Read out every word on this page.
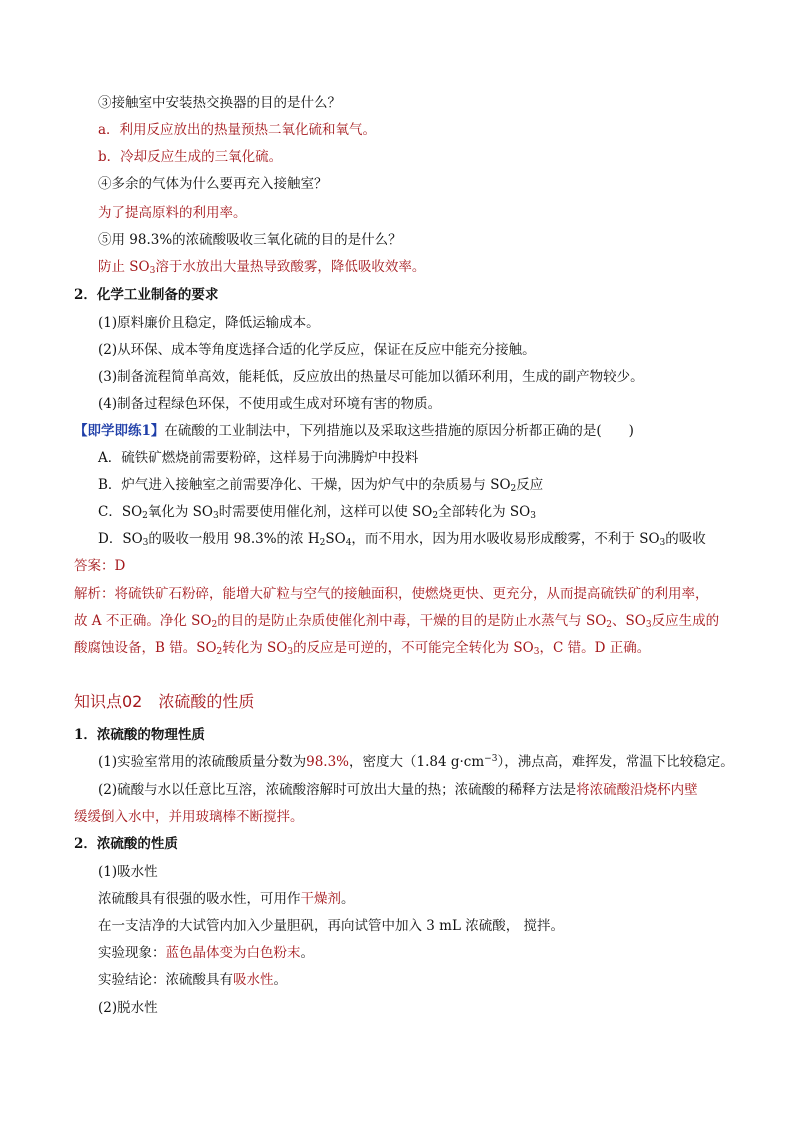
③接触室中安装热交换器的目的是什么？
a．利用反应放出的热量预热二氧化硫和氧气。
b．冷却反应生成的三氧化硫。
④多余的气体为什么要再充入接触室？
为了提高原料的利用率。
⑤用 98.3%的浓硫酸吸收三氧化硫的目的是什么？
防止 $SO_3$溶于水放出大量热导致酸雾，降低吸收效率。
2．化学工业制备的要求
(1)原料廉价且稳定，降低运输成本。
(2)从环保、成本等角度选择合适的化学反应，保证在反应中能充分接触。
(3)制备流程简单高效，能耗低，反应放出的热量尽可能加以循环利用，生成的副产物较少。
(4)制备过程绿色环保，不使用或生成对环境有害的物质。
【即学即练1】在硫酸的工业制法中，下列措施以及采取这些措施的原因分析都正确的是(　　)
A．硫铁矿燃烧前需要粉碎，这样易于向沸腾炉中投料
B．炉气进入接触室之前需要净化、干燥，因为炉气中的杂质易与 $SO_2$反应
C．$SO_2$氧化为 $SO_3$时需要使用催化剂，这样可以使 $SO_2$全部转化为 $SO_3$
D．$SO_3$的吸收一般用 98.3%的浓 $H_2SO_4$，而不用水，因为用水吸收易形成酸雾，不利于 $SO_3$的吸收
答案：D
解析：将硫铁矿石粉碎，能增大矿粒与空气的接触面积，使燃烧更快、更充分，从而提高硫铁矿的利用率，
故 A 不正确。净化 $SO_2$的目的是防止杂质使催化剂中毒，干燥的目的是防止水蒸气与 $SO_2$、$SO_3$反应生成的
酸腐蚀设备，B 错。$SO_2$转化为 $SO_3$的反应是可逆的，不可能完全转化为 $SO_3$，C 错。D 正确。
知识点02　浓硫酸的性质
1．浓硫酸的物理性质
(1)实验室常用的浓硫酸质量分数为98.3%，密度大（1.84 $g\cdot cm^{-3}$），沸点高，难挥发，常温下比较稳定。
(2)硫酸与水以任意比互溶，浓硫酸溶解时可放出大量的热；浓硫酸的稀释方法是将浓硫酸沿烧杯内壁
缓缓倒入水中，并用玻璃棒不断搅拌。
2．浓硫酸的性质
(1)吸水性
浓硫酸具有很强的吸水性，可用作干燥剂。
在一支洁净的大试管内加入少量胆矾，再向试管中加入 3 mL 浓硫酸， 搅拌。
实验现象：蓝色晶体变为白色粉末。
实验结论：浓硫酸具有吸水性。
(2)脱水性
